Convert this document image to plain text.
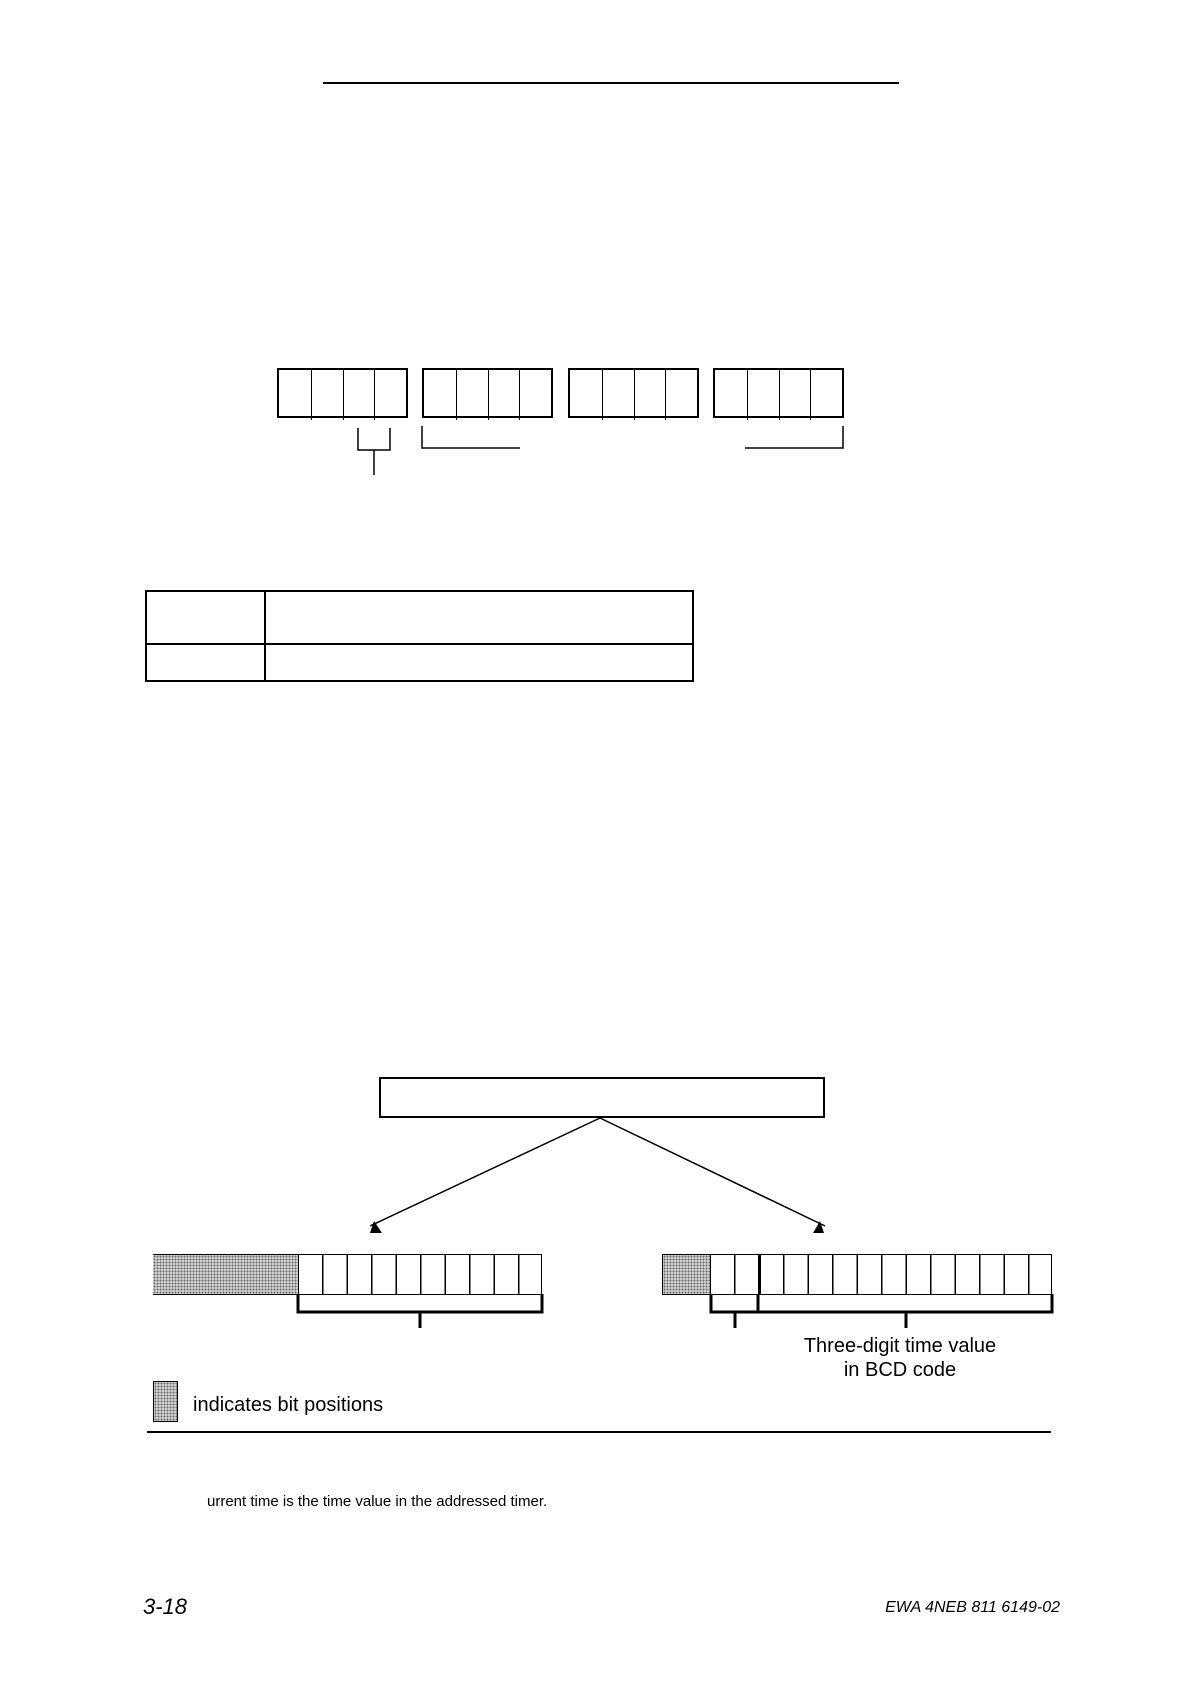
Three-digit time value
in BCD code
indicates bit positions
urrent time is the time value in the addressed timer.
3-18	EWA 4NEB 811 6149-02
